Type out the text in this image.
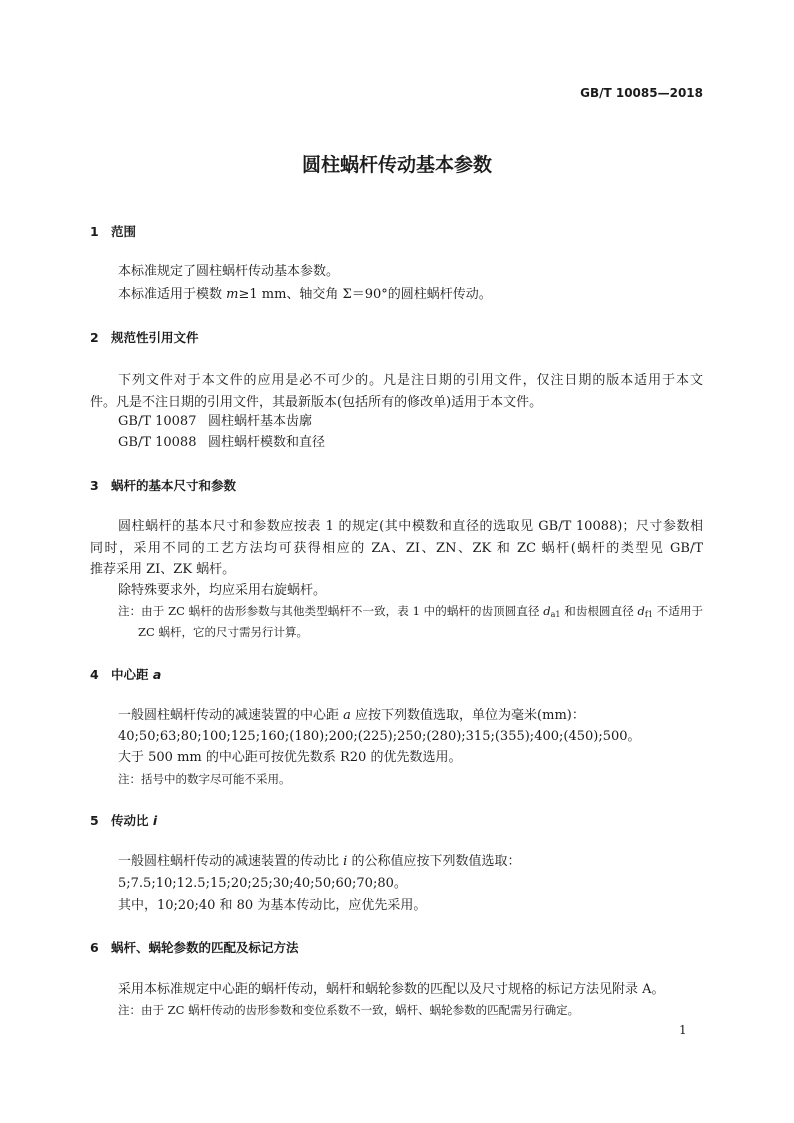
GB/T 10085—2018
圆柱蜗杆传动基本参数
1 范围
本标准规定了圆柱蜗杆传动基本参数。
本标准适用于模数 m≥1 mm、轴交角 Σ＝90°的圆柱蜗杆传动。
2 规范性引用文件
下列文件对于本文件的应用是必不可少的。凡是注日期的引用文件，仅注日期的版本适用于本文
件。凡是不注日期的引用文件，其最新版本(包括所有的修改单)适用于本文件。
GB/T 10087 圆柱蜗杆基本齿廓
GB/T 10088 圆柱蜗杆模数和直径
3 蜗杆的基本尺寸和参数
圆柱蜗杆的基本尺寸和参数应按表 1 的规定(其中模数和直径的选取见 GB/T 10088)；尺寸参数相
同时，采用不同的工艺方法均可获得相应的 ZA、ZI、ZN、ZK 和 ZC 蜗杆(蜗杆的类型见 GB/T
推荐采用 ZI、ZK 蜗杆。
除特殊要求外，均应采用右旋蜗杆。
注：由于 ZC 蜗杆的齿形参数与其他类型蜗杆不一致，表 1 中的蜗杆的齿顶圆直径 $d_{a1}$ 和齿根圆直径 $d_{f1}$ 不适用于
ZC 蜗杆，它的尺寸需另行计算。
4 中心距 a
一般圆柱蜗杆传动的减速装置的中心距 a 应按下列数值选取，单位为毫米(mm)：
40;50;63;80;100;125;160;(180);200;(225);250;(280);315;(355);400;(450);500。
大于 500 mm 的中心距可按优先数系 R20 的优先数选用。
注：括号中的数字尽可能不采用。
5 传动比 i
一般圆柱蜗杆传动的减速装置的传动比 i 的公称值应按下列数值选取：
5;7.5;10;12.5;15;20;25;30;40;50;60;70;80。
其中，10;20;40 和 80 为基本传动比，应优先采用。
6 蜗杆、蜗轮参数的匹配及标记方法
采用本标准规定中心距的蜗杆传动，蜗杆和蜗轮参数的匹配以及尺寸规格的标记方法见附录 A。
注：由于 ZC 蜗杆传动的齿形参数和变位系数不一致，蜗杆、蜗轮参数的匹配需另行确定。
1
